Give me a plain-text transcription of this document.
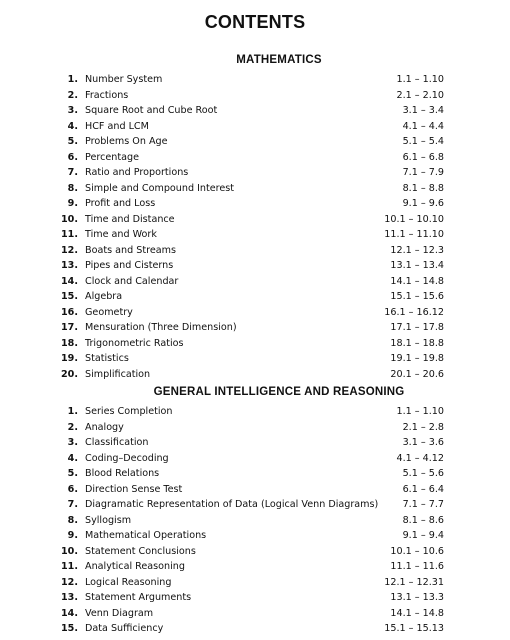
CONTENTS
MATHEMATICS
1. Number System	1.1 – 1.10
2. Fractions	2.1 – 2.10
3. Square Root and Cube Root	3.1 – 3.4
4. HCF and LCM	4.1 – 4.4
5. Problems On Age	5.1 – 5.4
6. Percentage	6.1 – 6.8
7. Ratio and Proportions	7.1 – 7.9
8. Simple and Compound Interest	8.1 – 8.8
9. Profit and Loss	9.1 – 9.6
10. Time and Distance	10.1 – 10.10
11. Time and Work	11.1 – 11.10
12. Boats and Streams	12.1 – 12.3
13. Pipes and Cisterns	13.1 – 13.4
14. Clock and Calendar	14.1 – 14.8
15. Algebra	15.1 – 15.6
16. Geometry	16.1 – 16.12
17. Mensuration (Three Dimension)	17.1 – 17.8
18. Trigonometric Ratios	18.1 – 18.8
19. Statistics	19.1 – 19.8
20. Simplification	20.1 – 20.6
GENERAL INTELLIGENCE AND REASONING
1. Series Completion	1.1 – 1.10
2. Analogy	2.1 – 2.8
3. Classification	3.1 – 3.6
4. Coding–Decoding	4.1 – 4.12
5. Blood Relations	5.1 – 5.6
6. Direction Sense Test	6.1 – 6.4
7. Diagramatic Representation of Data (Logical Venn Diagrams)	7.1 – 7.7
8. Syllogism	8.1 – 8.6
9. Mathematical Operations	9.1 – 9.4
10. Statement Conclusions	10.1 – 10.6
11. Analytical Reasoning	11.1 – 11.6
12. Logical Reasoning	12.1 – 12.31
13. Statement Arguments	13.1 – 13.3
14. Venn Diagram	14.1 – 14.8
15. Data Sufficiency	15.1 – 15.13
